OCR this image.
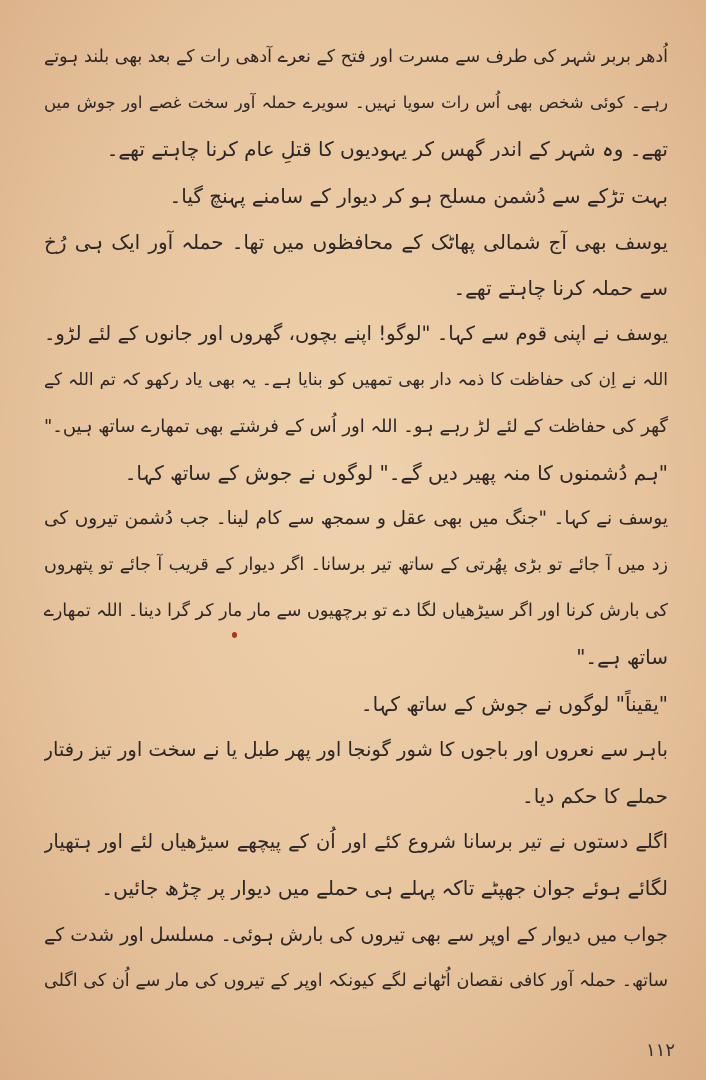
اُدھر بربر شہر کی طرف سے مسرت اور فتح کے نعرے آدھی رات کے بعد بھی بلند ہوتے
رہے۔ کوئی شخص بھی اُس رات سویا نہیں۔ سویرے حملہ آور سخت غصے اور جوش میں
تھے۔ وہ شہر کے اندر گھس کر یہودیوں کا قتلِ عام کرنا چاہتے تھے۔
بہت تڑکے سے دُشمن مسلح ہو کر دیوار کے سامنے پہنچ گیا۔
یوسف بھی آج شمالی پھاٹک کے محافظوں میں تھا۔ حملہ آور ایک ہی رُخ
سے حملہ کرنا چاہتے تھے۔
یوسف نے اپنی قوم سے کہا۔ "لوگو! اپنے بچوں، گھروں اور جانوں کے لئے لڑو۔
اللہ نے اِن کی حفاظت کا ذمہ دار بھی تمھیں کو بنایا ہے۔ یہ بھی یاد رکھو کہ تم اللہ کے
گھر کی حفاظت کے لئے لڑ رہے ہو۔ اللہ اور اُس کے فرشتے بھی تمھارے ساتھ ہیں۔"
"ہم دُشمنوں کا منہ پھیر دیں گے۔" لوگوں نے جوش کے ساتھ کہا۔
یوسف نے کہا۔ "جنگ میں بھی عقل و سمجھ سے کام لینا۔ جب دُشمن تیروں کی
زد میں آ جائے تو بڑی پھُرتی کے ساتھ تیر برسانا۔ اگر دیوار کے قریب آ جائے تو پتھروں
کی بارش کرنا اور اگر سیڑھیاں لگا دے تو برچھیوں سے مار مار کر گرا دینا۔ اللہ تمھارے
ساتھ ہے۔"
"یقیناً" لوگوں نے جوش کے ساتھ کہا۔
باہر سے نعروں اور باجوں کا شور گونجا اور پھر طبل یا نے سخت اور تیز رفتار
حملے کا حکم دیا۔
اگلے دستوں نے تیر برسانا شروع کئے اور اُن کے پیچھے سیڑھیاں لئے اور ہتھیار
لگائے ہوئے جوان جھپٹے تاکہ پہلے ہی حملے میں دیوار پر چڑھ جائیں۔
جواب میں دیوار کے اوپر سے بھی تیروں کی بارش ہوئی۔ مسلسل اور شدت کے
ساتھ۔ حملہ آور کافی نقصان اُٹھانے لگے کیونکہ اوپر کے تیروں کی مار سے اُن کی اگلی
۱۱۲
